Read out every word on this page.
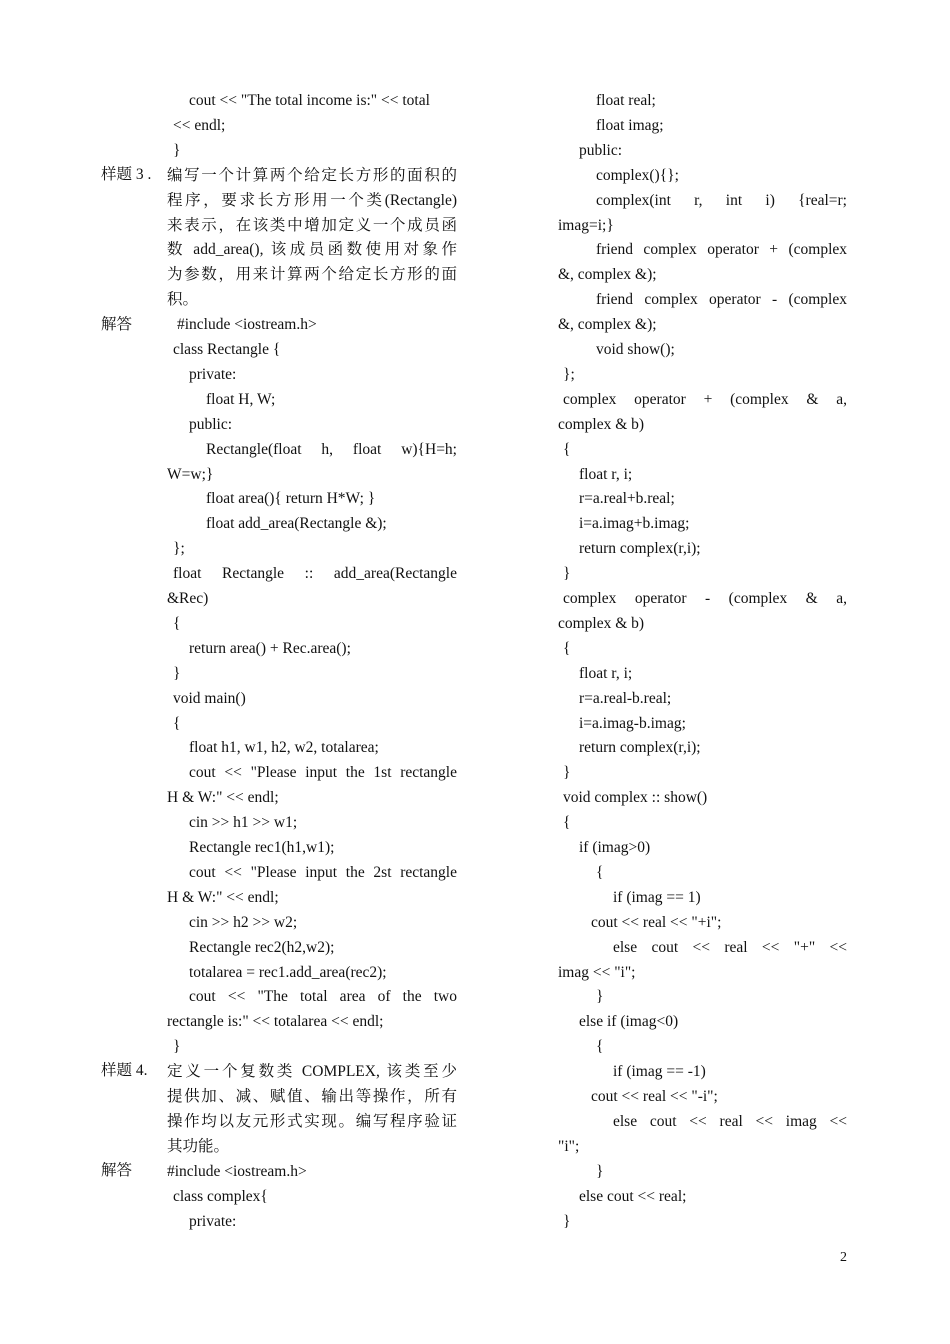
样题 3 .
解答
样题 4.
解答
cout << "The total income is:" << total
<< endl;
}
编写一个计算两个给定长方形的面积的
程序，要求长方形用一个类(Rectangle)
来表示，在该类中增加定义一个成员函
数 add_area(), 该成员函数使用对象作
为参数，用来计算两个给定长方形的面
积。
#include <iostream.h>
class Rectangle {
private:
float H, W;
public:
Rectangle(float h, float w){H=h;
W=w;}
float area(){ return H*W; }
float add_area(Rectangle &);
};
float Rectangle :: add_area(Rectangle
&Rec)
{
return area() + Rec.area();
}
void main()
{
float h1, w1, h2, w2, totalarea;
cout << "Please input the 1st rectangle
H & W:" << endl;
cin >> h1 >> w1;
Rectangle rec1(h1,w1);
cout << "Please input the 2st rectangle
H & W:" << endl;
cin >> h2 >> w2;
Rectangle rec2(h2,w2);
totalarea = rec1.add_area(rec2);
cout << "The total area of the two
rectangle is:" << totalarea << endl;
}
定义一个复数类 COMPLEX, 该类至少
提供加、减、赋值、输出等操作，所有
操作均以友元形式实现。编写程序验证
其功能。
#include <iostream.h>
class complex{
private:
float real;
float imag;
public:
complex(){};
complex(int r, int i) {real=r;
imag=i;}
friend complex operator + (complex
&, complex &);
friend complex operator - (complex
&, complex &);
void show();
};
complex operator + (complex & a,
complex & b)
{
float r, i;
r=a.real+b.real;
i=a.imag+b.imag;
return complex(r,i);
}
complex operator - (complex & a,
complex & b)
{
float r, i;
r=a.real-b.real;
i=a.imag-b.imag;
return complex(r,i);
}
void complex :: show()
{
if (imag>0)
{
if (imag == 1)
cout << real << "+i";
else cout << real << "+" <<
imag << "i";
}
else if (imag<0)
{
if (imag == -1)
cout << real << "-i";
else cout << real << imag <<
"i";
}
else cout << real;
}
2
